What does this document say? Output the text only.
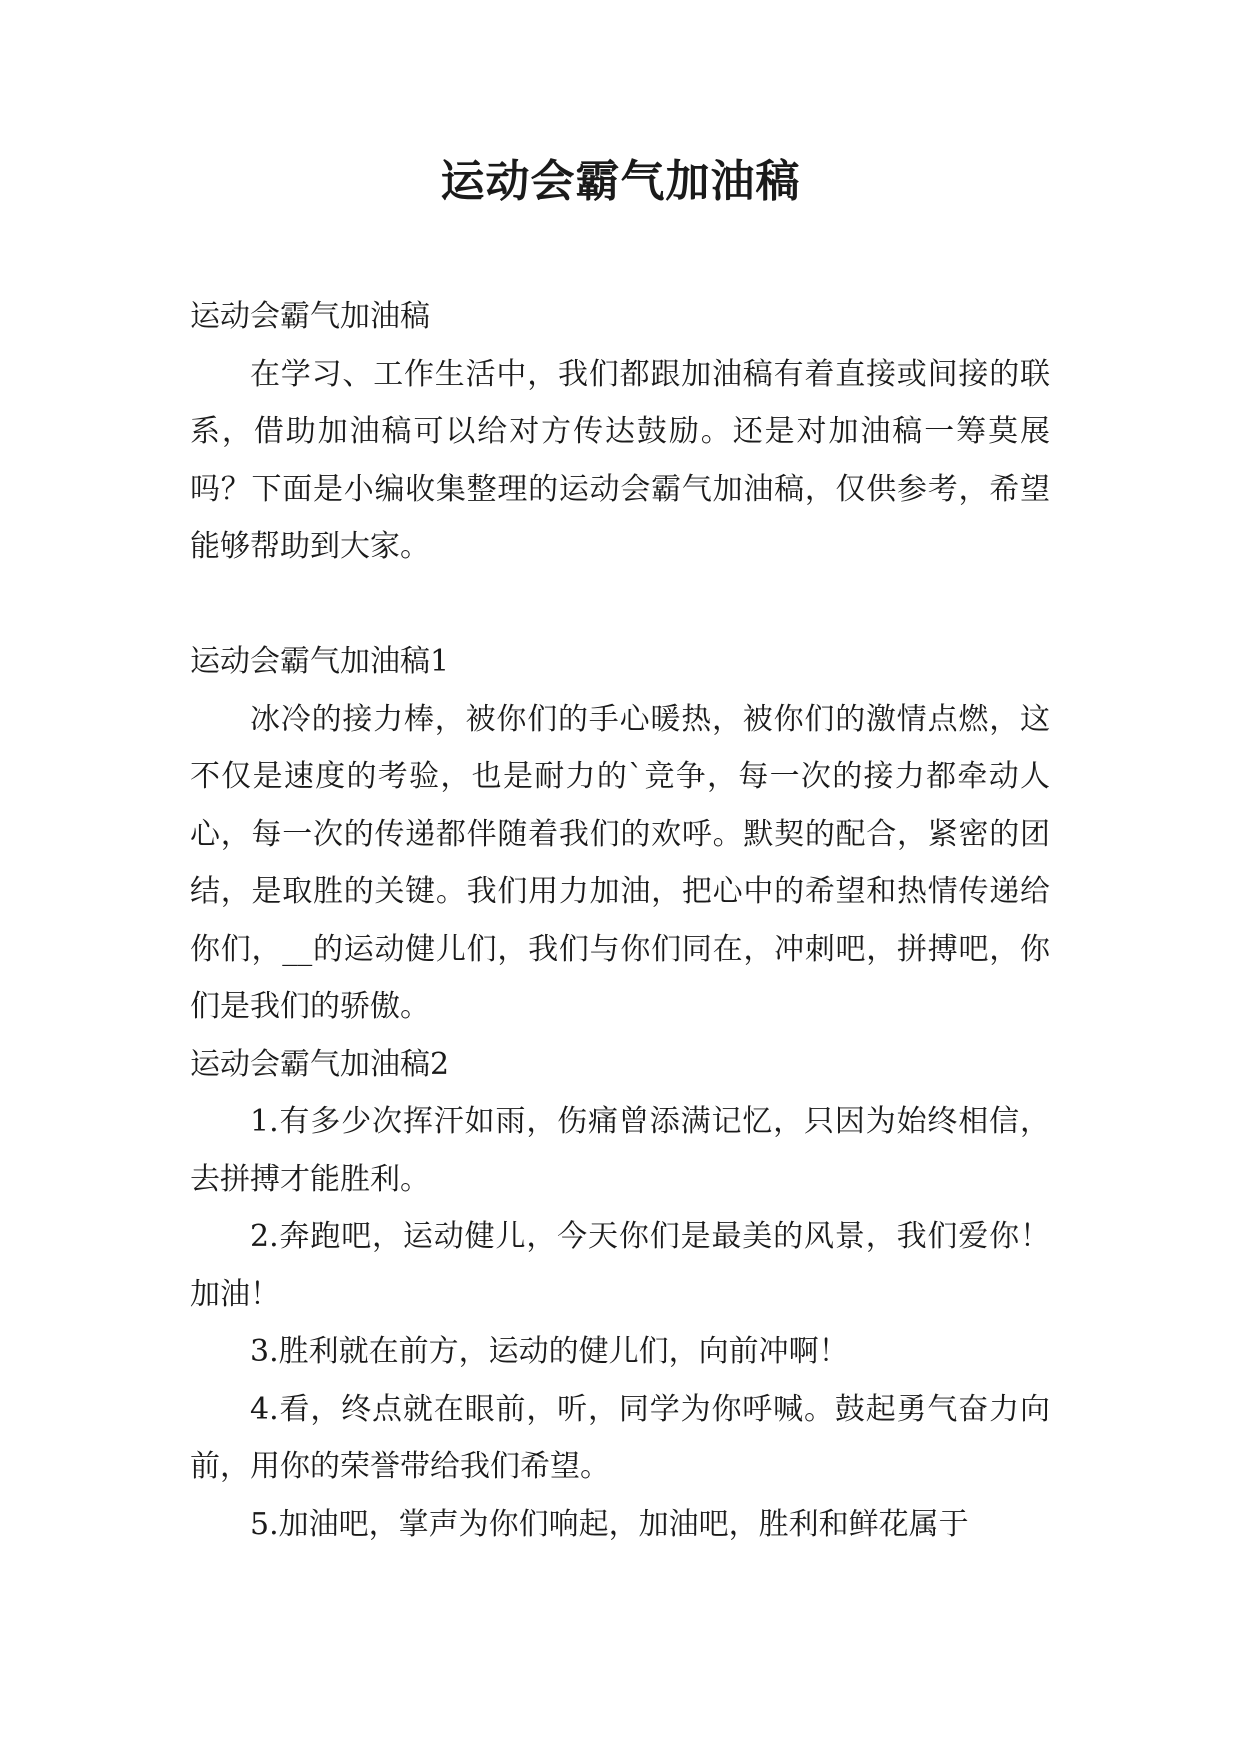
运动会霸气加油稿

运动会霸气加油稿

在学习、工作生活中，我们都跟加油稿有着直接或间接的联系，借助加油稿可以给对方传达鼓励。还是对加油稿一筹莫展吗？下面是小编收集整理的运动会霸气加油稿，仅供参考，希望能够帮助到大家。

运动会霸气加油稿1

冰冷的接力棒，被你们的手心暖热，被你们的激情点燃，这不仅是速度的考验，也是耐力的`竞争，每一次的接力都牵动人心，每一次的传递都伴随着我们的欢呼。默契的配合，紧密的团结，是取胜的关键。我们用力加油，把心中的希望和热情传递给你们，__的运动健儿们，我们与你们同在，冲刺吧，拼搏吧，你们是我们的骄傲。

运动会霸气加油稿2

1.有多少次挥汗如雨，伤痛曾添满记忆，只因为始终相信，去拼搏才能胜利。

2.奔跑吧，运动健儿，今天你们是最美的风景，我们爱你！加油！

3.胜利就在前方，运动的健儿们，向前冲啊！

4.看，终点就在眼前，听，同学为你呼喊。鼓起勇气奋力向前，用你的荣誉带给我们希望。

5.加油吧，掌声为你们响起，加油吧，胜利和鲜花属于
